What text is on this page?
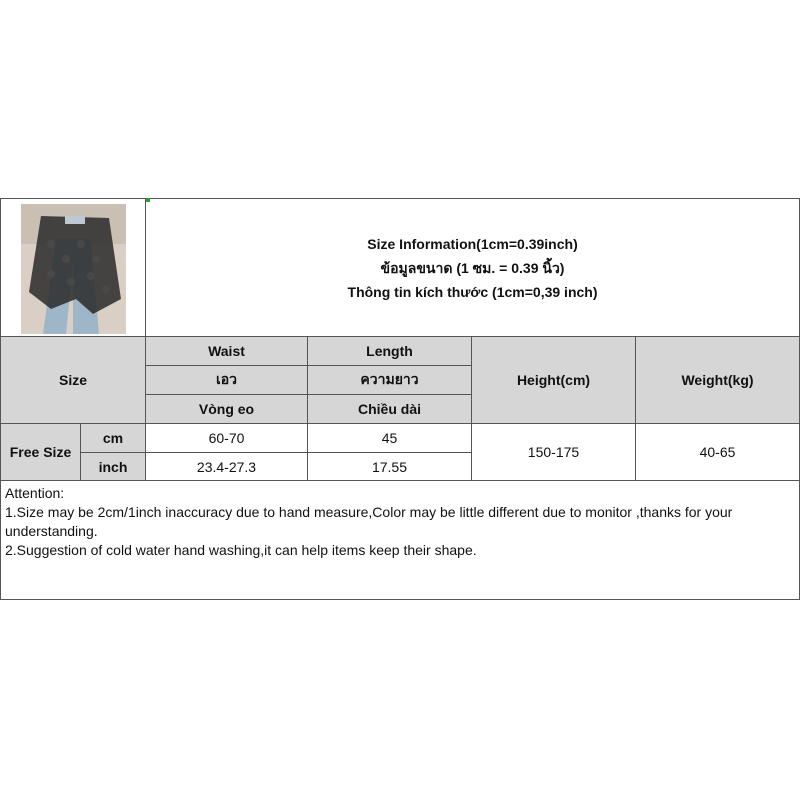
Size Information(1cm=0.39inch)
ข้อมูลขนาด (1 ซม. = 0.39 นิ้ว)
Thông tin kích thước (1cm=0,39 inch)			

Size		Waist	Length	Height(cm)	Weight(kg)
		เอว	ความยาว		
		Vòng eo	Chiều dài		
Free Size	cm	60-70	45	150-175	40-65
	inch	23.4-27.3	17.55		

Attention:
1.Size may be 2cm/1inch inaccuracy due to hand measure,Color may be little different due to monitor ,thanks for your understanding.
2.Suggestion of cold water hand washing,it can help items keep their shape.					
